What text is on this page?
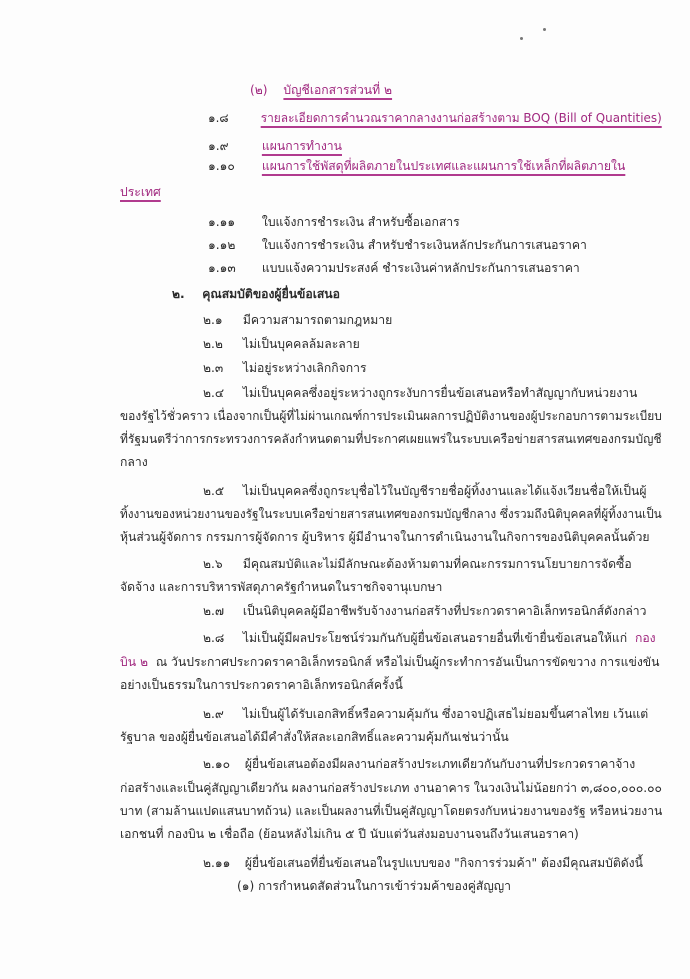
(๒) บัญชีเอกสารส่วนที่ ๒
๑.๘	รายละเอียดการคำนวณราคากลางงานก่อสร้างตาม BOQ (Bill of Quantities)
๑.๙	แผนการทำงาน
๑.๑๐ แผนการใช้พัสดุที่ผลิตภายในประเทศและแผนการใช้เหล็กที่ผลิตภายใน
ประเทศ
๑.๑๑ ใบแจ้งการชำระเงิน สำหรับซื้อเอกสาร
๑.๑๒ ใบแจ้งการชำระเงิน สำหรับชำระเงินหลักประกันการเสนอราคา
๑.๑๓ แบบแจ้งความประสงค์ ชำระเงินค่าหลักประกันการเสนอราคา
๒. คุณสมบัติของผู้ยื่นข้อเสนอ
๒.๑ มีความสามารถตามกฎหมาย
๒.๒ ไม่เป็นบุคคลล้มละลาย
๒.๓ ไม่อยู่ระหว่างเลิกกิจการ
๒.๔ ไม่เป็นบุคคลซึ่งอยู่ระหว่างถูกระงับการยื่นข้อเสนอหรือทำสัญญากับหน่วยงาน
ของรัฐไว้ชั่วคราว เนื่องจากเป็นผู้ที่ไม่ผ่านเกณฑ์การประเมินผลการปฏิบัติงานของผู้ประกอบการตามระเบียบ
ที่รัฐมนตรีว่าการกระทรวงการคลังกำหนดตามที่ประกาศเผยแพร่ในระบบเครือข่ายสารสนเทศของกรมบัญชี
กลาง
๒.๕ ไม่เป็นบุคคลซึ่งถูกระบุชื่อไว้ในบัญชีรายชื่อผู้ทิ้งงานและได้แจ้งเวียนชื่อให้เป็นผู้
ทิ้งงานของหน่วยงานของรัฐในระบบเครือข่ายสารสนเทศของกรมบัญชีกลาง ซึ่งรวมถึงนิติบุคคลที่ผู้ทิ้งงานเป็น
หุ้นส่วนผู้จัดการ กรรมการผู้จัดการ ผู้บริหาร ผู้มีอำนาจในการดำเนินงานในกิจการของนิติบุคคลนั้นด้วย
๒.๖ มีคุณสมบัติและไม่มีลักษณะต้องห้ามตามที่คณะกรรมการนโยบายการจัดซื้อ
จัดจ้าง และการบริหารพัสดุภาครัฐกำหนดในราชกิจจานุเบกษา
๒.๗ เป็นนิติบุคคลผู้มีอาชีพรับจ้างงานก่อสร้างที่ประกวดราคาอิเล็กทรอนิกส์ดังกล่าว
๒.๘ ไม่เป็นผู้มีผลประโยชน์ร่วมกันกับผู้ยื่นข้อเสนอรายอื่นที่เข้ายื่นข้อเสนอให้แก่ กอง
บิน ๒ ณ วันประกาศประกวดราคาอิเล็กทรอนิกส์ หรือไม่เป็นผู้กระทำการอันเป็นการขัดขวาง การแข่งขัน
อย่างเป็นธรรมในการประกวดราคาอิเล็กทรอนิกส์ครั้งนี้
๒.๙ ไม่เป็นผู้ได้รับเอกสิทธิ์หรือความคุ้มกัน ซึ่งอาจปฏิเสธไม่ยอมขึ้นศาลไทย เว้นแต่
รัฐบาล ของผู้ยื่นข้อเสนอได้มีคำสั่งให้สละเอกสิทธิ์และความคุ้มกันเช่นว่านั้น
๒.๑๐ ผู้ยื่นข้อเสนอต้องมีผลงานก่อสร้างประเภทเดียวกันกับงานที่ประกวดราคาจ้าง
ก่อสร้างและเป็นคู่สัญญาเดียวกัน ผลงานก่อสร้างประเภท งานอาคาร ในวงเงินไม่น้อยกว่า ๓,๘๐๐,๐๐๐.๐๐
บาท (สามล้านแปดแสนบาทถ้วน) และเป็นผลงานที่เป็นคู่สัญญาโดยตรงกับหน่วยงานของรัฐ หรือหน่วยงาน
เอกชนที่ กองบิน ๒ เชื่อถือ (ย้อนหลังไม่เกิน ๕ ปี นับแต่วันส่งมอบงานจนถึงวันเสนอราคา)
๒.๑๑ ผู้ยื่นข้อเสนอที่ยื่นข้อเสนอในรูปแบบของ "กิจการร่วมค้า" ต้องมีคุณสมบัติดังนี้
(๑) การกำหนดสัดส่วนในการเข้าร่วมค้าของคู่สัญญา
